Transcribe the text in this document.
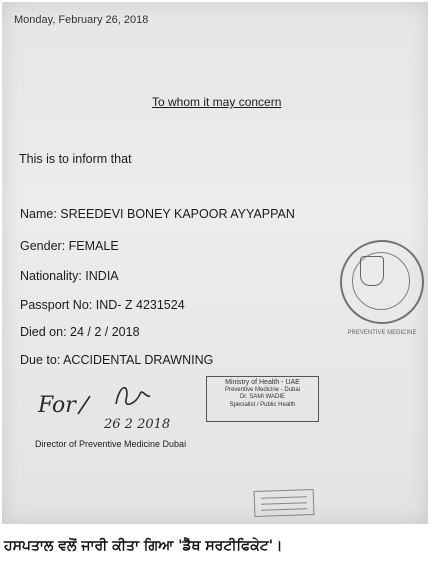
Monday, February 26, 2018
To whom it may concern
This is to inform that
Name: SREEDEVI BONEY KAPOOR AYYAPPAN
Gender: FEMALE
Nationality: INDIA
Passport No: IND- Z 4231524
Died on: 24 / 2 / 2018
Due to: ACCIDENTAL DRAWNING
PREVENTIVE MEDICINE
For
26 2 2018
Ministry of Health - UAE
Preventive Medicine - Dubai
Dr. SAMI WADIE
Specialist / Public Health
Director of Preventive Medicine Dubai
ਹਸਪਤਾਲ ਵਲੋਂ ਜਾਰੀ ਕੀਤਾ ਗਿਆ 'ਡੈੱਥ ਸਰਟੀਫਿਕੇਟ'।
